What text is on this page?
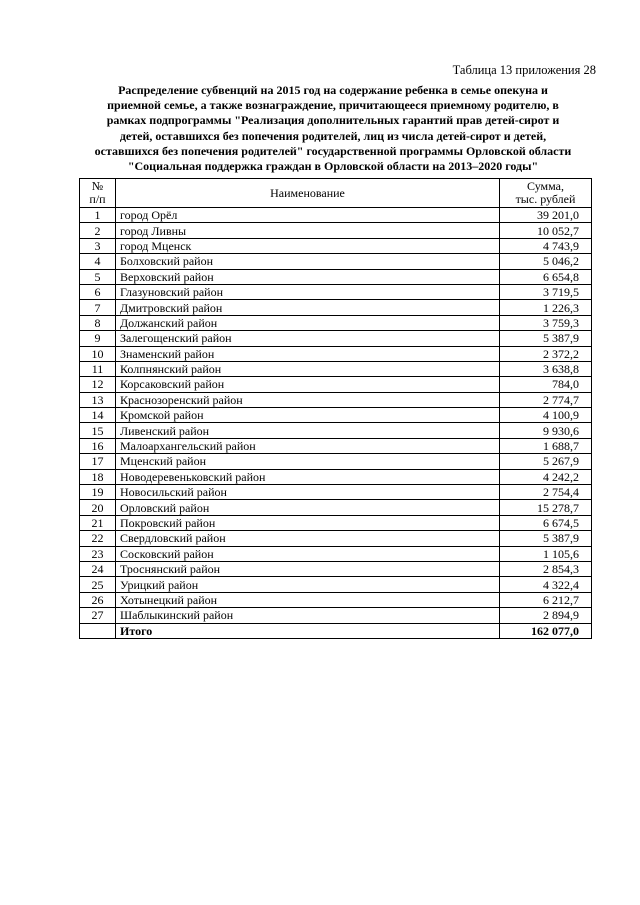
Таблица 13 приложения 28
Распределение субвенций на 2015 год на содержание ребенка в семье опекуна и
приемной семье, а также вознаграждение, причитающееся приемному родителю, в
рамках подпрограммы "Реализация дополнительных гарантий прав детей-сирот и
детей, оставшихся без попечения родителей, лиц из числа детей-сирот и детей,
оставшихся без попечения родителей" государственной программы Орловской области
"Социальная поддержка граждан в Орловской области на 2013–2020 годы"
№
п/п	Наименование	Сумма,
тыс. рублей
1	город Орёл	39 201,0
2	город Ливны	10 052,7
3	город Мценск	4 743,9
4	Болховский район	5 046,2
5	Верховский район	6 654,8
6	Глазуновский район	3 719,5
7	Дмитровский район	1 226,3
8	Должанский район	3 759,3
9	Залегощенский район	5 387,9
10	Знаменский район	2 372,2
11	Колпнянский район	3 638,8
12	Корсаковский район	784,0
13	Краснозоренский район	2 774,7
14	Кромской район	4 100,9
15	Ливенский район	9 930,6
16	Малоархангельский район	1 688,7
17	Мценский район	5 267,9
18	Новодеревеньковский район	4 242,2
19	Новосильский район	2 754,4
20	Орловский район	15 278,7
21	Покровский район	6 674,5
22	Свердловский район	5 387,9
23	Сосковский район	1 105,6
24	Троснянский район	2 854,3
25	Урицкий район	4 322,4
26	Хотынецкий район	6 212,7
27	Шаблыкинский район	2 894,9
	Итого	162 077,0
